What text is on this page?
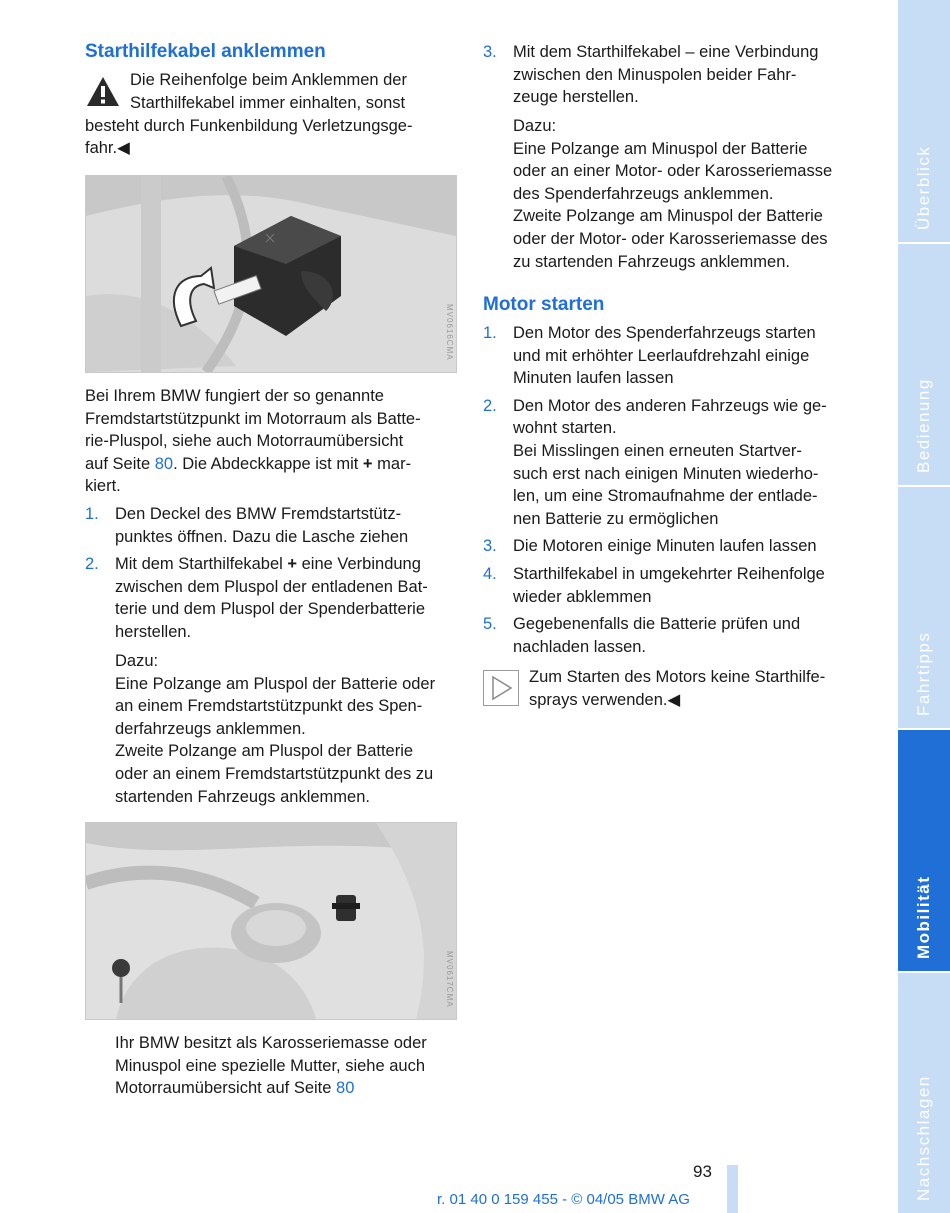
Starthilfekabel anklemmen
Die Reihenfolge beim Anklemmen der
Starthilfekabel immer einhalten, sonst
besteht durch Funkenbildung Verletzungsge-
fahr.◀
MV0616CMA
Bei Ihrem BMW fungiert der so genannte
Fremdstartstützpunkt im Motorraum als Batte-
rie-Pluspol, siehe auch Motorraumübersicht
auf Seite 80. Die Abdeckkappe ist mit + mar-
kiert.
1. Den Deckel des BMW Fremdstartstütz-
punktes öffnen. Dazu die Lasche ziehen
2. Mit dem Starthilfekabel + eine Verbindung
zwischen dem Pluspol der entladenen Bat-
terie und dem Pluspol der Spenderbatterie
herstellen.
Dazu:
Eine Polzange am Pluspol der Batterie oder
an einem Fremdstartstützpunkt des Spen-
derfahrzeugs anklemmen.
Zweite Polzange am Pluspol der Batterie
oder an einem Fremdstartstützpunkt des zu
startenden Fahrzeugs anklemmen.
MV0617CMA
Ihr BMW besitzt als Karosseriemasse oder
Minuspol eine spezielle Mutter, siehe auch
Motorraumübersicht auf Seite 80
3. Mit dem Starthilfekabel – eine Verbindung
zwischen den Minuspolen beider Fahr-
zeuge herstellen.
Dazu:
Eine Polzange am Minuspol der Batterie
oder an einer Motor- oder Karosseriemasse
des Spenderfahrzeugs anklemmen.
Zweite Polzange am Minuspol der Batterie
oder der Motor- oder Karosseriemasse des
zu startenden Fahrzeugs anklemmen.
Motor starten
1. Den Motor des Spenderfahrzeugs starten
und mit erhöhter Leerlaufdrehzahl einige
Minuten laufen lassen
2. Den Motor des anderen Fahrzeugs wie ge-
wohnt starten.
Bei Misslingen einen erneuten Startver-
such erst nach einigen Minuten wiederho-
len, um eine Stromaufnahme der entlade-
nen Batterie zu ermöglichen
3. Die Motoren einige Minuten laufen lassen
4. Starthilfekabel in umgekehrter Reihenfolge
wieder abklemmen
5. Gegebenenfalls die Batterie prüfen und
nachladen lassen.
Zum Starten des Motors keine Starthilfe-
sprays verwenden.◀
93
r. 01 40 0 159 455 - © 04/05 BMW AG
Überblick
Bedienung
Fahrtipps
Mobilität
Nachschlagen
